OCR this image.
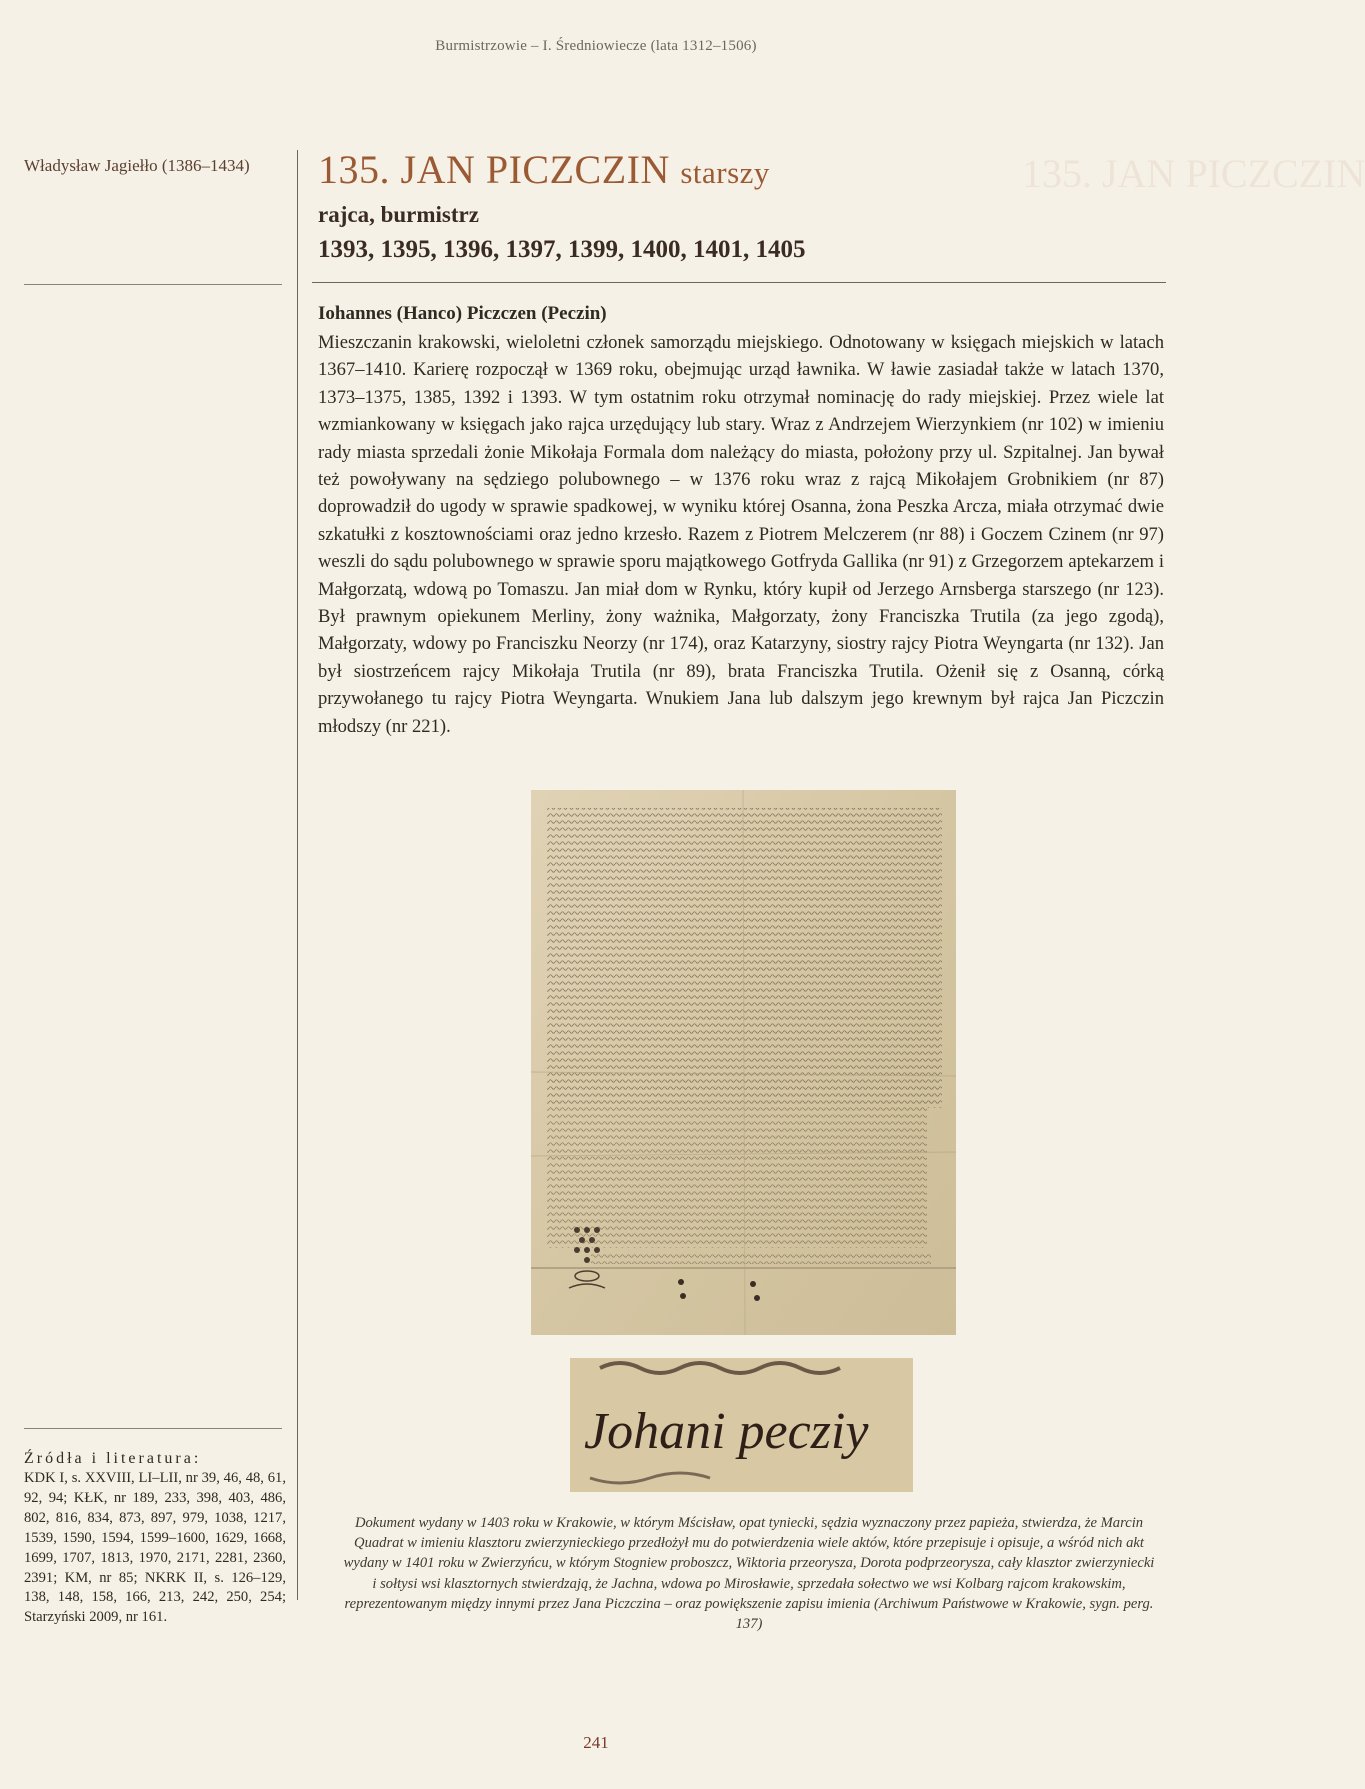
Burmistrzowie – I. Średniowiecze (lata 1312–1506)
135. JAN PICZCZIN
Władysław Jagiełło (1386–1434) 135. JAN PICZCZIN starszy
rajca, burmistrz
1393, 1395, 1396, 1397, 1399, 1400, 1401, 1405
Iohannes (Hanco) Piczczen (Peczin)

Mieszczanin krakowski, wieloletni członek samorządu miejskiego. Odnotowany w księgach miejskich w latach 1367–1410. Karierę rozpoczął w 1369 roku, obejmując urząd ławnika. W ławie zasiadał także w latach 1370, 1373–1375, 1385, 1392 i 1393. W tym ostatnim roku otrzymał nominację do rady miejskiej. Przez wiele lat wzmiankowany w księgach jako rajca urzędujący lub stary. Wraz z Andrzejem Wierzynkiem (nr 102) w imieniu rady miasta sprzedali żonie Mikołaja Formala dom należący do miasta, położony przy ul. Szpitalnej. Jan bywał też powoływany na sędziego polubownego – w 1376 roku wraz z rajcą Mikołajem Grobnikiem (nr 87) doprowadził do ugody w sprawie spadkowej, w wyniku której Osanna, żona Peszka Arcza, miała otrzymać dwie szkatułki z kosztownościami oraz jedno krzesło. Razem z Piotrem Melczerem (nr 88) i Goczem Czinem (nr 97) weszli do sądu polubownego w sprawie sporu majątkowego Gotfryda Gallika (nr 91) z Grzegorzem aptekarzem i Małgorzatą, wdową po Tomaszu. Jan miał dom w Rynku, który kupił od Jerzego Arnsberga starszego (nr 123). Był prawnym opiekunem Merliny, żony ważnika, Małgorzaty, żony Franciszka Trutila (za jego zgodą), Małgorzaty, wdowy po Franciszku Neorzy (nr 174), oraz Katarzyny, siostry rajcy Piotra Weyngarta (nr 132). Jan był siostrzeńcem rajcy Mikołaja Trutila (nr 89), brata Franciszka Trutila. Ożenił się z Osanną, córką przywołanego tu rajcy Piotra Weyngarta. Wnukiem Jana lub dalszym jego krewnym był rajca Jan Piczczin młodszy (nr 221).

Johani pecziy
Dokument wydany w 1403 roku w Krakowie, w którym Mścisław, opat tyniecki, sędzia wyznaczony przez papieża, stwierdza, że Marcin Quadrat w imieniu klasztoru zwierzynieckiego przedłożył mu do potwierdzenia wiele aktów, które przepisuje i opisuje, a wśród nich akt wydany w 1401 roku w Zwierzyńcu, w którym Stogniew proboszcz, Wiktoria przeorysza, Dorota podprzeorysza, cały klasztor zwierzyniecki i sołtysi wsi klasztornych stwierdzają, że Jachna, wdowa po Mirosławie, sprzedała sołectwo we wsi Kolbarg rajcom krakowskim, reprezentowanym między innymi przez Jana Piczczina – oraz powiększenie zapisu imienia (Archiwum Państwowe w Krakowie, sygn. perg. 137)
Źródła i literatura:
KDK I, s. XXVIII, LI–LII, nr 39, 46, 48, 61, 92, 94; KŁK, nr 189, 233, 398, 403, 486, 802, 816, 834, 873, 897, 979, 1038, 1217, 1539, 1590, 1594, 1599–1600, 1629, 1668, 1699, 1707, 1813, 1970, 2171, 2281, 2360, 2391; KM, nr 85; NKRK II, s. 126–129, 138, 148, 158, 166, 213, 242, 250, 254; Starzyński 2009, nr 161.
241
